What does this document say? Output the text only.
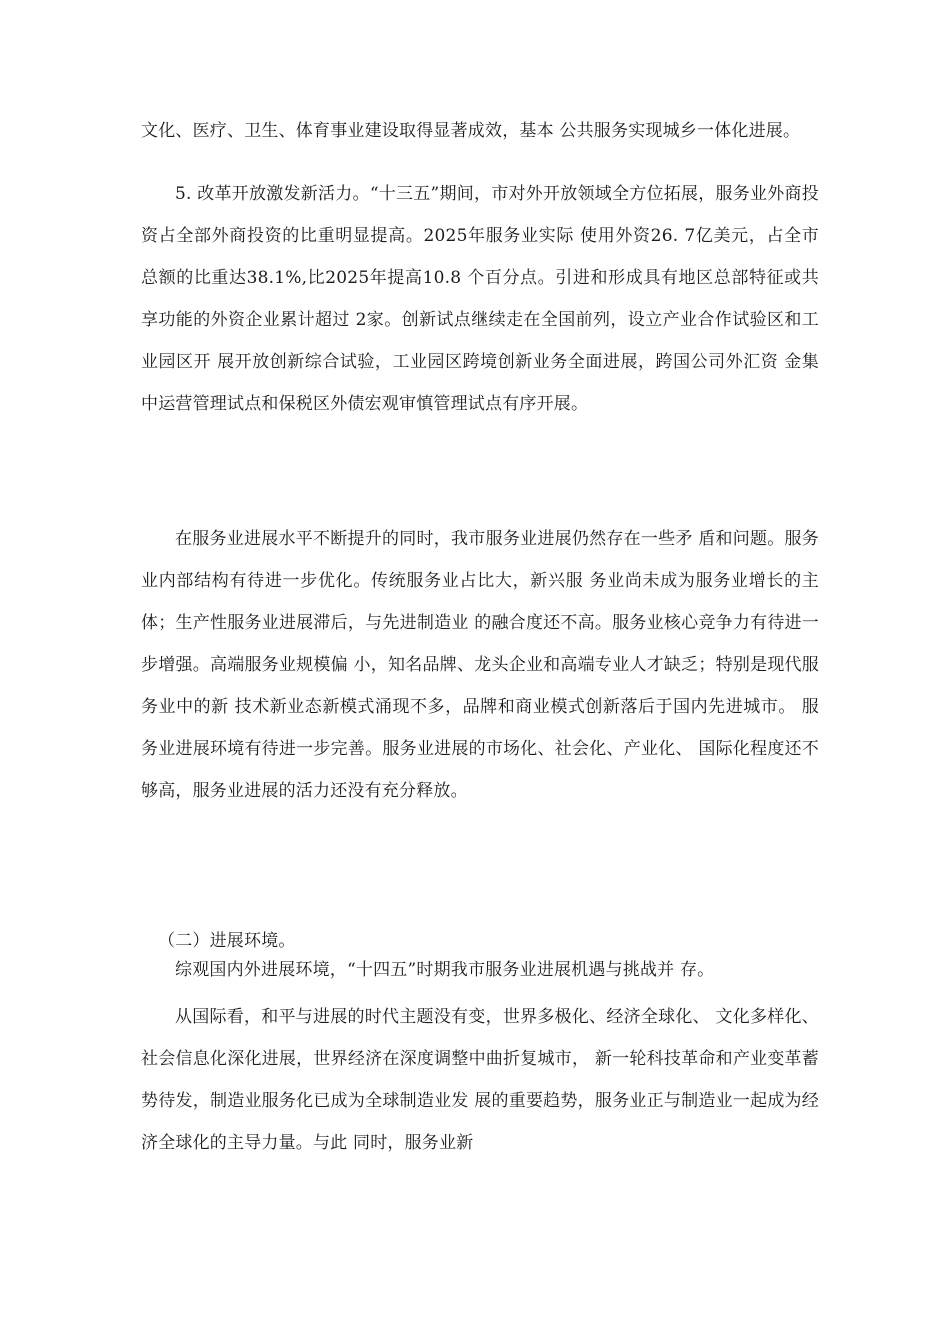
文化、医疗、卫生、体育事业建设取得显著成效，基本 公共服务实现城乡一体化进展。

5. 改革开放激发新活力。“十三五”期间，市对外开放领域全方位拓展，服务业外商投资占全部外商投资的比重明显提高。2025年服务业实际 使用外资26. 7亿美元，占全市总额的比重达38.1%,比2025年提高10.8 个百分点。引进和形成具有地区总部特征或共享功能的外资企业累计超过 2家。创新试点继续走在全国前列，设立产业合作试验区和工业园区开 展开放创新综合试验，工业园区跨境创新业务全面进展，跨国公司外汇资 金集中运营管理试点和保税区外债宏观审慎管理试点有序开展。

在服务业进展水平不断提升的同时，我市服务业进展仍然存在一些矛 盾和问题。服务业内部结构有待进一步优化。传统服务业占比大，新兴服 务业尚未成为服务业增长的主体；生产性服务业进展滞后，与先进制造业 的融合度还不高。服务业核心竞争力有待进一步增强。高端服务业规模偏 小，知名品牌、龙头企业和高端专业人才缺乏；特别是现代服务业中的新 技术新业态新模式涌现不多，品牌和商业模式创新落后于国内先进城市。 服务业进展环境有待进一步完善。服务业进展的市场化、社会化、产业化、 国际化程度还不够高，服务业进展的活力还没有充分释放。

（二）进展环境。

综观国内外进展环境，“十四五”时期我市服务业进展机遇与挑战并 存。

从国际看，和平与进展的时代主题没有变，世界多极化、经济全球化、 文化多样化、社会信息化深化进展，世界经济在深度调整中曲折复城市， 新一轮科技革命和产业变革蓄势待发，制造业服务化已成为全球制造业发 展的重要趋势，服务业正与制造业一起成为经济全球化的主导力量。与此 同时，服务业新
